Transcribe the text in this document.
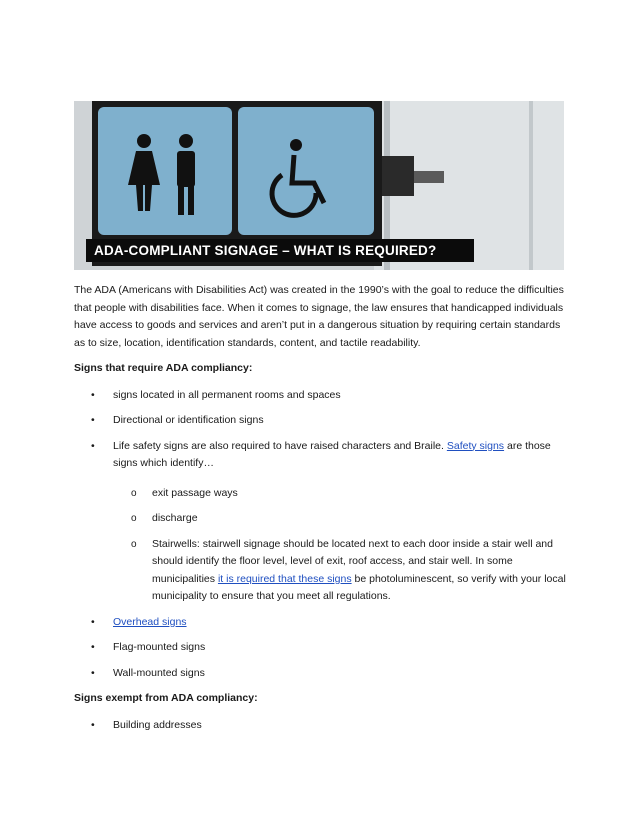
ADA-COMPLIANT SIGNAGE – WHAT IS REQUIRED?

The ADA (Americans with Disabilities Act) was created in the 1990’s with the goal to reduce the difficulties that people with disabilities face. When it comes to signage, the law ensures that handicapped individuals have access to goods and services and aren’t put in a dangerous situation by requiring certain standards as to size, location, identification standards, content, and tactile readability.

Signs that require ADA compliancy:

• signs located in all permanent rooms and spaces
• Directional or identification signs
• Life safety signs are also required to have raised characters and Braile. Safety signs are those signs which identify…
o exit passage ways
o discharge
o Stairwells: stairwell signage should be located next to each door inside a stair well and should identify the floor level, level of exit, roof access, and stair well. In some municipalities it is required that these signs be photoluminescent, so verify with your local municipality to ensure that you meet all regulations.
• Overhead signs
• Flag-mounted signs
• Wall-mounted signs

Signs exempt from ADA compliancy:

• Building addresses
